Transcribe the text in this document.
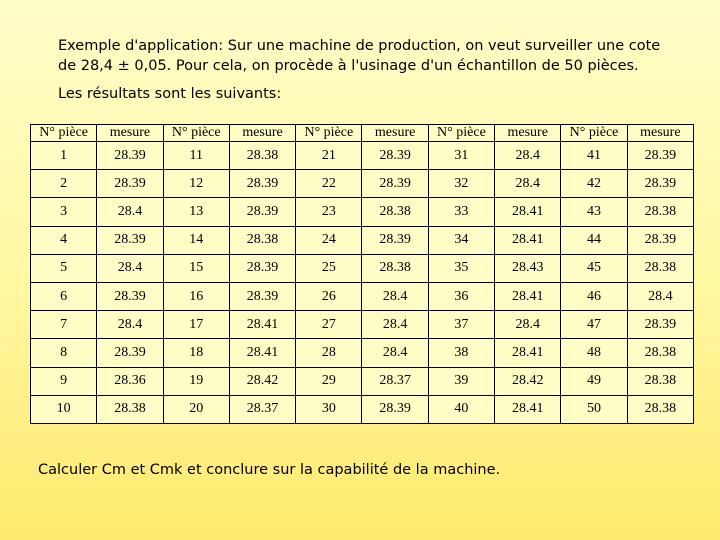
Exemple d'application: Sur une machine de production, on veut surveiller une cote

de 28,4 ± 0,05. Pour cela, on procède à l'usinage d'un échantillon de 50 pièces.

Les résultats sont les suivants:
N° pièce	mesure	N° pièce	mesure	N° pièce	mesure	N° pièce	mesure	N° pièce	mesure
1	28.39	11	28.38	21	28.39	31	28.4	41	28.39
2	28.39	12	28.39	22	28.39	32	28.4	42	28.39
3	28.4	13	28.39	23	28.38	33	28.41	43	28.38
4	28.39	14	28.38	24	28.39	34	28.41	44	28.39
5	28.4	15	28.39	25	28.38	35	28.43	45	28.38
6	28.39	16	28.39	26	28.4	36	28.41	46	28.4
7	28.4	17	28.41	27	28.4	37	28.4	47	28.39
8	28.39	18	28.41	28	28.4	38	28.41	48	28.38
9	28.36	19	28.42	29	28.37	39	28.42	49	28.38
10	28.38	20	28.37	30	28.39	40	28.41	50	28.38
Calculer Cm et Cmk et conclure sur la capabilité de la machine.
